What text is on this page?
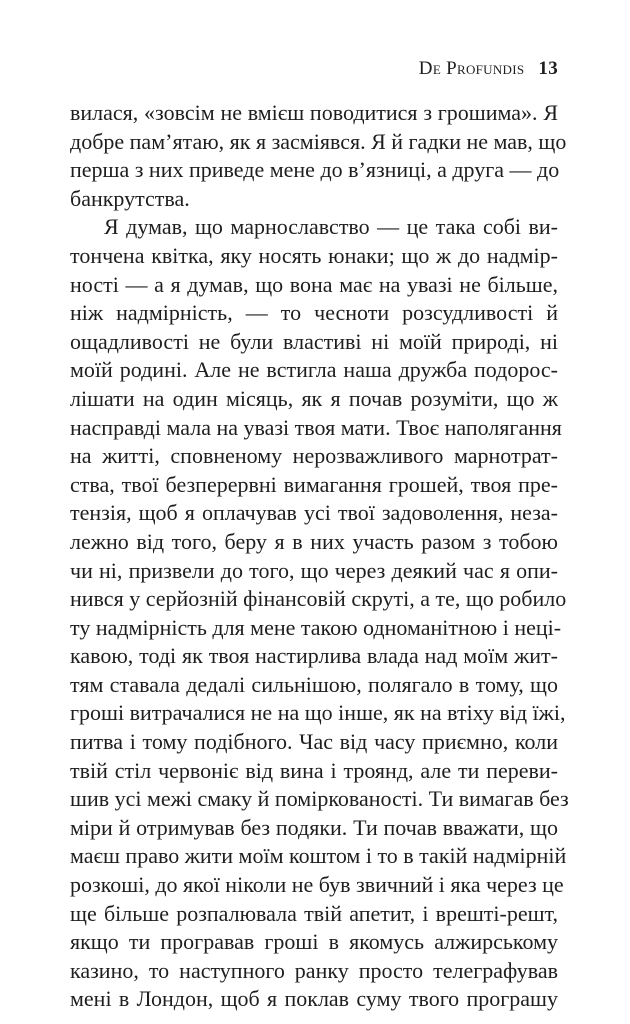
De Profundis 13
вилася, «зовсім не вмієш поводитися з грошима». Я
добре пам’ятаю, як я засміявся. Я й гадки не мав, що
перша з них приведе мене до в’язниці, а друга — до
банкрутства.
Я думав, що марнославство — це така собі ви-
тончена квітка, яку носять юнаки; що ж до надмір-
ності — а я думав, що вона має на увазі не більше,
ніж надмірність, — то чесноти розсудливості й
ощадливості не були властиві ні моїй природі, ні
моїй родині. Але не встигла наша дружба подорос-
лішати на один місяць, як я почав розуміти, що ж
насправді мала на увазі твоя мати. Твоє наполягання
на житті, сповненому нерозважливого марнотрат-
ства, твої безперервні вимагання грошей, твоя пре-
тензія, щоб я оплачував усі твої задоволення, неза-
лежно від того, беру я в них участь разом з тобою
чи ні, призвели до того, що через деякий час я опи-
нився у серйозній фінансовій скруті, а те, що робило
ту надмірність для мене такою одноманітною і неці-
кавою, тоді як твоя настирлива влада над моїм жит-
тям ставала дедалі сильнішою, полягало в тому, що
гроші витрачалися не на що інше, як на втіху від їжі,
питва і тому подібного. Час від часу приємно, коли
твій стіл червоніє від вина і троянд, але ти переви-
шив усі межі смаку й поміркованості. Ти вимагав без
міри й отримував без подяки. Ти почав вважати, що
маєш право жити моїм коштом і то в такій надмірній
розкоші, до якої ніколи не був звичний і яка через це
ще більше розпалювала твій апетит, і врешті-решт,
якщо ти програвав гроші в якомусь алжирському
казино, то наступного ранку просто телеграфував
мені в Лондон, щоб я поклав суму твого програшу
